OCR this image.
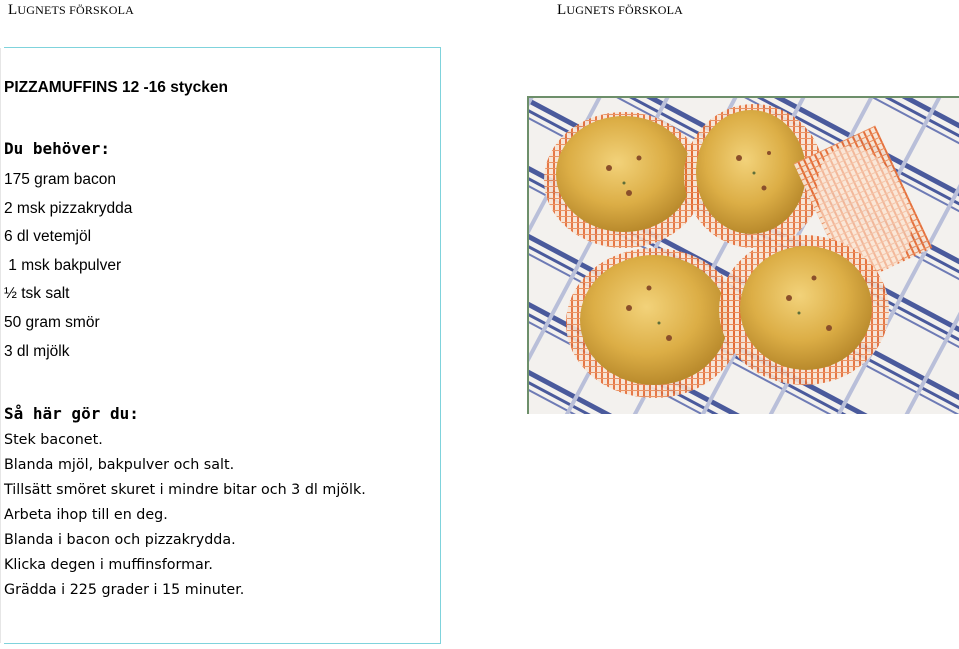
LUGNETS FÖRSKOLA	LUGNETS FÖRSKOLA
PIZZAMUFFINS 12 -16 stycken
Du behöver:
175 gram bacon
2 msk pizzakrydda
6 dl vetemjöl
1 msk bakpulver
½ tsk salt
50 gram smör
3 dl mjölk
Så här gör du:
Stek baconet.
Blanda mjöl, bakpulver och salt.
Tillsätt smöret skuret i mindre bitar och 3 dl mjölk.
Arbeta ihop till en deg.
Blanda i bacon och pizzakrydda.
Klicka degen i muffinsformar.
Grädda i 225 grader i 15 minuter.
